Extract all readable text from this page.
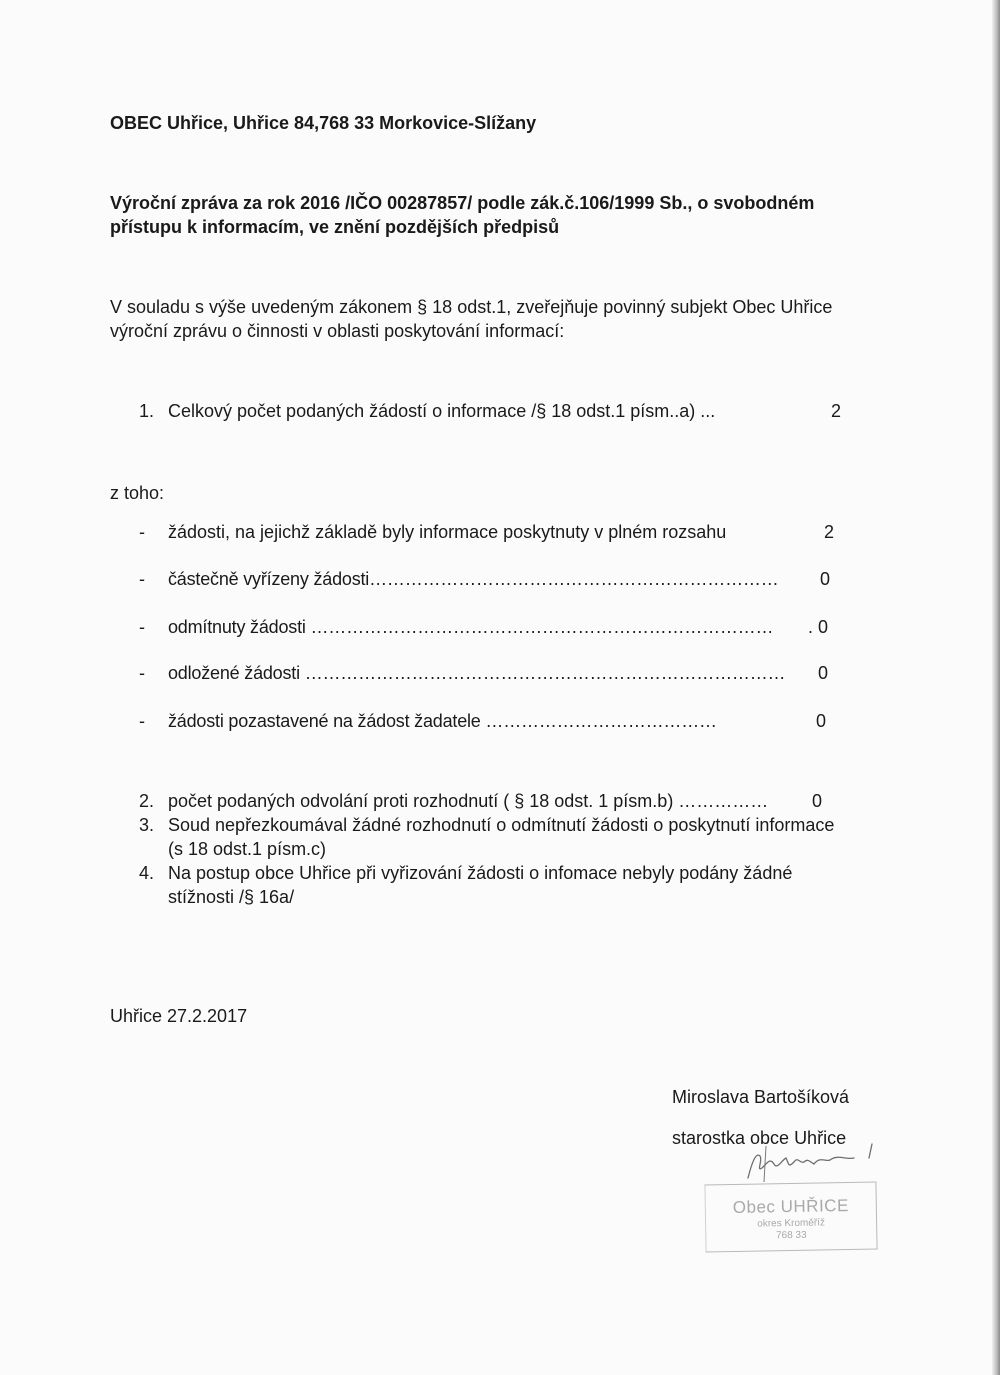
OBEC Uhřice, Uhřice 84,768 33 Morkovice-Slížany
Výroční zpráva za rok 2016 /IČO 00287857/ podle zák.č.106/1999 Sb., o svobodném
přístupu k informacím, ve znění pozdějších předpisů
V souladu s výše uvedeným zákonem § 18 odst.1, zveřejňuje povinný subjekt Obec Uhřice
výroční zprávu o činnosti v oblasti poskytování informací:
1. Celkový počet podaných žádostí o informace /§ 18 odst.1 písm..a) ...	2
z toho:
- žádosti, na jejichž základě byly informace poskytnuty v plném rozsahu	2
- částečně vyřízeny žádosti…………………………………………………………… 0
- odmítnuty žádosti …………………………………………………………………… . 0
- odložené žádosti ……………………………………………………………………… 0
- žádosti pozastavené na žádost žadatele …………………………………	0
2. počet podaných odvolání proti rozhodnutí ( § 18 odst. 1 písm.b) …………… 0
3. Soud nepřezkoumával žádné rozhodnutí o odmítnutí žádosti o poskytnutí informace
(s 18 odst.1 písm.c)
4. Na postup obce Uhřice při vyřizování žádosti o infomace nebyly podány žádné
stížnosti /§ 16a/
Uhřice 27.2.2017
Miroslava Bartošíková
starostka obce Uhřice
Obec UHŘICE
okres Kroměříž
768 33
